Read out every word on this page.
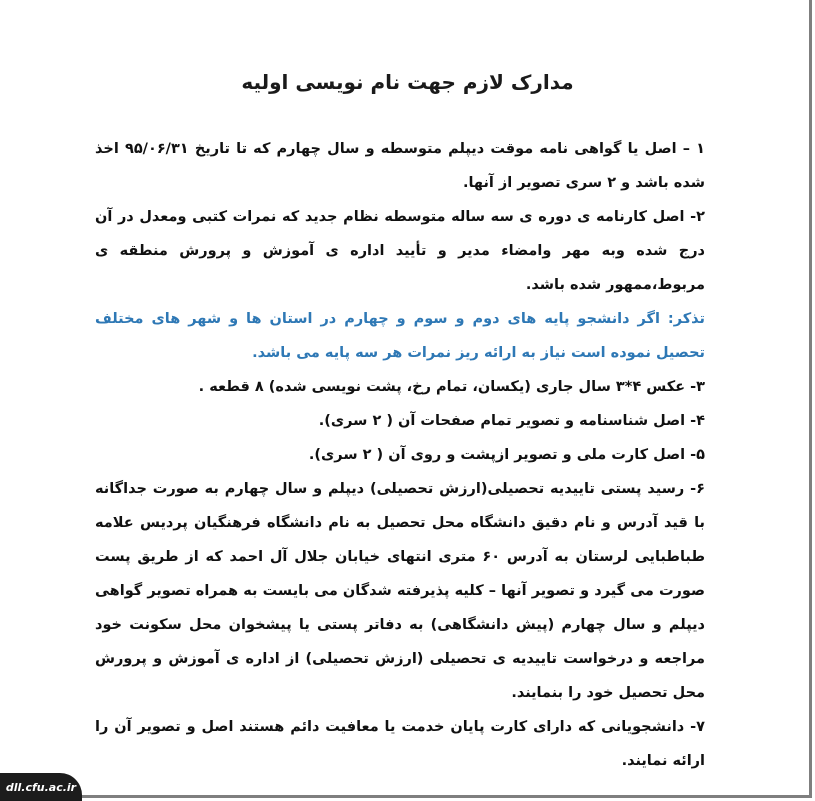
مدارک لازم جهت نام نویسی اولیه

۱ – اصل یا گواهی نامه موقت دیپلم متوسطه و سال چهارم که تا تاریخ ۹۵/۰۶/۳۱ اخذ شده باشد و ۲ سری تصویر از آنها.

۲- اصل کارنامه ی دوره ی سه ساله متوسطه نظام جدید که نمرات کتبی ومعدل در آن درج شده وبه مهر وامضاء مدیر و تأیید اداره ی آموزش و پرورش منطقه ی مربوط،ممهور شده باشد.

تذکر: اگر دانشجو پایه های دوم و سوم و چهارم در استان ها و شهر های مختلف تحصیل نموده است نیاز به ارائه ریز نمرات هر سه پایه می باشد.

۳- عکس ۴*۳ سال جاری (یکسان، تمام رخ، پشت نویسی شده) ۸ قطعه .

۴- اصل شناسنامه و تصویر تمام صفحات آن ( ۲ سری).

۵- اصل کارت ملی و تصویر ازپشت و روی آن ( ۲ سری).

۶- رسید پستی تاییدیه تحصیلی(ارزش تحصیلی) دیپلم و سال چهارم به صورت جداگانه با قید آدرس و نام دقیق دانشگاه محل تحصیل به نام دانشگاه فرهنگیان پردیس علامه طباطبایی لرستان به آدرس ۶۰ متری انتهای خیابان جلال آل احمد که از طریق پست صورت می گیرد و تصویر آنها – کلیه پذیرفته شدگان می بایست به همراه تصویر گواهی دیپلم و سال چهارم (پیش دانشگاهی) به دفاتر پستی یا پیشخوان محل سکونت خود مراجعه و درخواست تاییدیه ی تحصیلی (ارزش تحصیلی) از اداره ی آموزش و پرورش محل تحصیل خود را بنمایند.

۷- دانشجویانی که دارای کارت پایان خدمت یا معافیت دائم هستند اصل و تصویر آن را ارائه نمایند.

dll.cfu.ac.ir
